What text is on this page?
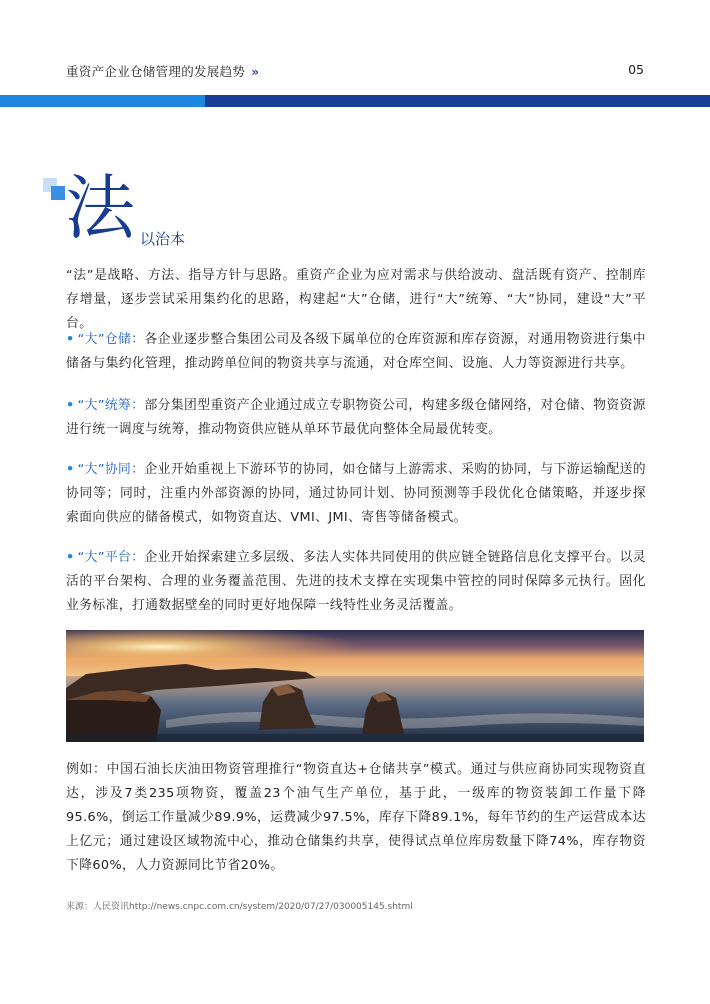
重资产企业仓储管理的发展趋势 »	05
法 以治本
“法”是战略、方法、指导方针与思路。重资产企业为应对需求与供给波动、盘活既有资产、控制库存增量，逐步尝试采用集约化的思路，构建起“大”仓储，进行“大”统筹、“大”协同，建设“大”平台。
• “大”仓储：各企业逐步整合集团公司及各级下属单位的仓库资源和库存资源，对通用物资进行集中储备与集约化管理，推动跨单位间的物资共享与流通，对仓库空间、设施、人力等资源进行共享。
• “大”统筹：部分集团型重资产企业通过成立专职物资公司，构建多级仓储网络，对仓储、物资资源进行统一调度与统筹，推动物资供应链从单环节最优向整体全局最优转变。
• “大”协同：企业开始重视上下游环节的协同，如仓储与上游需求、采购的协同，与下游运输配送的协同等；同时，注重内外部资源的协同，通过协同计划、协同预测等手段优化仓储策略，并逐步探索面向供应的储备模式，如物资直达、VMI、JMI、寄售等储备模式。
• “大”平台：企业开始探索建立多层级、多法人实体共同使用的供应链全链路信息化支撑平台。以灵活的平台架构、合理的业务覆盖范围、先进的技术支撑在实现集中管控的同时保障多元执行。固化业务标准，打通数据壁垒的同时更好地保障一线特性业务灵活覆盖。
例如：中国石油长庆油田物资管理推行“物资直达+仓储共享”模式。通过与供应商协同实现物资直达，涉及7类235项物资，覆盖23个油气生产单位，基于此，一级库的物资装卸工作量下降95.6%，倒运工作量减少89.9%，运费减少97.5%，库存下降89.1%，每年节约的生产运营成本达上亿元；通过建设区域物流中心，推动仓储集约共享，使得试点单位库房数量下降74%，库存物资下降60%，人力资源同比节省20%。
来源：人民资讯http://news.cnpc.com.cn/system/2020/07/27/030005145.shtml
